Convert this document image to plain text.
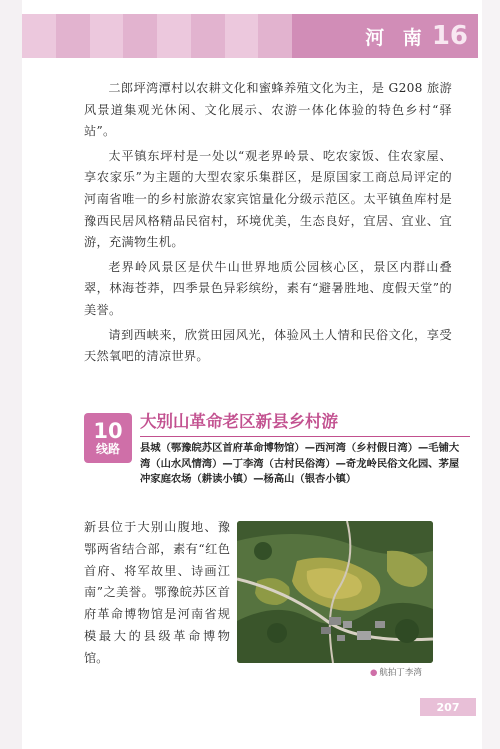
河 南 16

二郎坪湾潭村以农耕文化和蜜蜂养殖文化为主，是 G208 旅游风景道集观光休闲、文化展示、农游一体化体验的特色乡村“驿站”。

太平镇东坪村是一处以“观老界岭景、吃农家饭、住农家屋、享农家乐”为主题的大型农家乐集群区，是原国家工商总局评定的河南省唯一的乡村旅游农家宾馆量化分级示范区。太平镇鱼库村是豫西民居风格精品民宿村，环境优美，生态良好，宜居、宜业、宜游，充满物生机。

老界岭风景区是伏牛山世界地质公园核心区，景区内群山叠翠，林海苍莽，四季景色异彩缤纷，素有“避暑胜地、度假天堂”的美誉。

请到西峡来，欣赏田园风光，体验风土人情和民俗文化，享受天然氧吧的清凉世界。

10
线路
大别山革命老区新县乡村游
县城（鄂豫皖苏区首府革命博物馆）—西河湾（乡村假日湾）—毛铺大湾（山水风情湾）—丁李湾（古村民俗湾）—奇龙岭民俗文化园、茅屋冲家庭农场（耕读小镇）—杨高山（银杏小镇）
新县位于大别山腹地、豫鄂两省结合部，素有“红色首府、将军故里、诗画江南”之美誉。鄂豫皖苏区首府革命博物馆是河南省规模最大的县级革命博物馆。
● 航拍丁李湾
207
